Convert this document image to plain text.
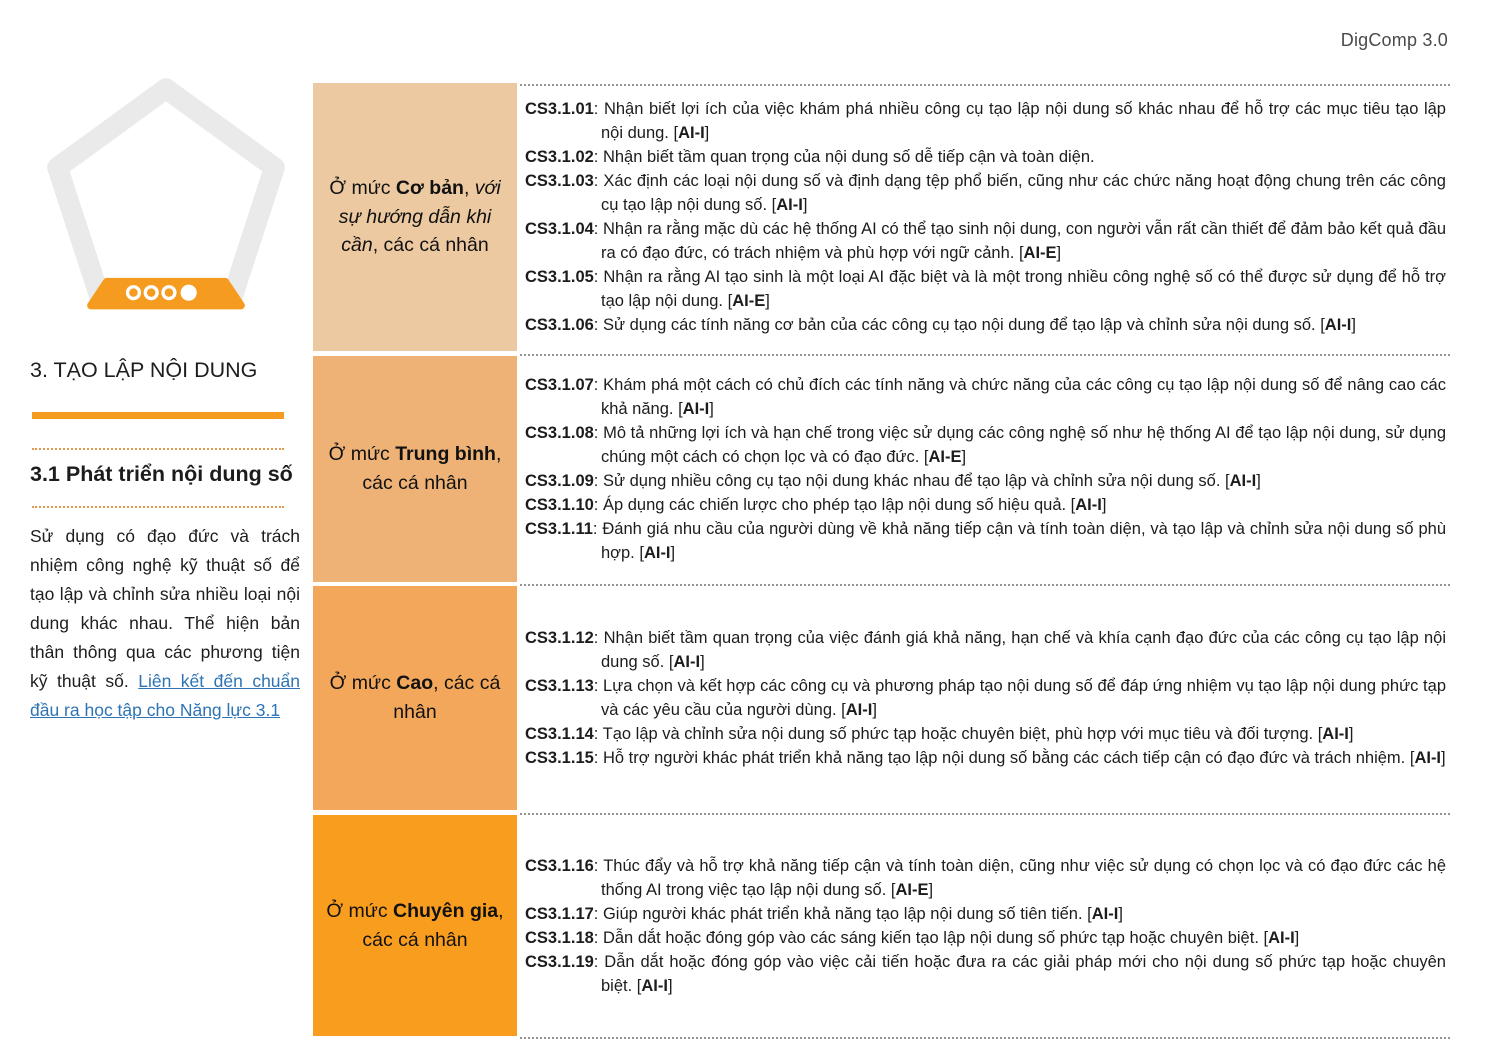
DigComp 3.0
3. TẠO LẬP NỘI DUNG
3.1 Phát triển nội dung số
Sử dụng có đạo đức và trách nhiệm công nghệ kỹ thuật số để tạo lập và chỉnh sửa nhiều loại nội dung khác nhau. Thể hiện bản thân thông qua các phương tiện kỹ thuật số. Liên kết đến chuẩn đầu ra học tập cho Năng lực 3.1
Ở mức Cơ bản, với sự hướng dẫn khi cần, các cá nhân
CS3.1.01: Nhận biết lợi ích của việc khám phá nhiều công cụ tạo lập nội dung số khác nhau để hỗ trợ các mục tiêu tạo lập nội dung. [AI-I]
CS3.1.02: Nhận biết tầm quan trọng của nội dung số dễ tiếp cận và toàn diện.
CS3.1.03: Xác định các loại nội dung số và định dạng tệp phổ biến, cũng như các chức năng hoạt động chung trên các công cụ tạo lập nội dung số. [AI-I]
CS3.1.04: Nhận ra rằng mặc dù các hệ thống AI có thể tạo sinh nội dung, con người vẫn rất cần thiết để đảm bảo kết quả đầu ra có đạo đức, có trách nhiệm và phù hợp với ngữ cảnh. [AI-E]
CS3.1.05: Nhận ra rằng AI tạo sinh là một loại AI đặc biệt và là một trong nhiều công nghệ số có thể được sử dụng để hỗ trợ tạo lập nội dung. [AI-E]
CS3.1.06: Sử dụng các tính năng cơ bản của các công cụ tạo nội dung để tạo lập và chỉnh sửa nội dung số. [AI-I]
Ở mức Trung bình, các cá nhân
CS3.1.07: Khám phá một cách có chủ đích các tính năng và chức năng của các công cụ tạo lập nội dung số để nâng cao các khả năng. [AI-I]
CS3.1.08: Mô tả những lợi ích và hạn chế trong việc sử dụng các công nghệ số như hệ thống AI để tạo lập nội dung, sử dụng chúng một cách có chọn lọc và có đạo đức. [AI-E]
CS3.1.09: Sử dụng nhiều công cụ tạo nội dung khác nhau để tạo lập và chỉnh sửa nội dung số. [AI-I]
CS3.1.10: Áp dụng các chiến lược cho phép tạo lập nội dung số hiệu quả. [AI-I]
CS3.1.11: Đánh giá nhu cầu của người dùng về khả năng tiếp cận và tính toàn diện, và tạo lập và chỉnh sửa nội dung số phù hợp. [AI-I]
Ở mức Cao, các cá nhân
CS3.1.12: Nhận biết tầm quan trọng của việc đánh giá khả năng, hạn chế và khía cạnh đạo đức của các công cụ tạo lập nội dung số. [AI-I]
CS3.1.13: Lựa chọn và kết hợp các công cụ và phương pháp tạo nội dung số để đáp ứng nhiệm vụ tạo lập nội dung phức tạp và các yêu cầu của người dùng. [AI-I]
CS3.1.14: Tạo lập và chỉnh sửa nội dung số phức tạp hoặc chuyên biệt, phù hợp với mục tiêu và đối tượng. [AI-I]
CS3.1.15: Hỗ trợ người khác phát triển khả năng tạo lập nội dung số bằng các cách tiếp cận có đạo đức và trách nhiệm. [AI-I]
Ở mức Chuyên gia, các cá nhân
CS3.1.16: Thúc đẩy và hỗ trợ khả năng tiếp cận và tính toàn diện, cũng như việc sử dụng có chọn lọc và có đạo đức các hệ thống AI trong việc tạo lập nội dung số. [AI-E]
CS3.1.17: Giúp người khác phát triển khả năng tạo lập nội dung số tiên tiến. [AI-I]
CS3.1.18: Dẫn dắt hoặc đóng góp vào các sáng kiến tạo lập nội dung số phức tạp hoặc chuyên biệt. [AI-I]
CS3.1.19: Dẫn dắt hoặc đóng góp vào việc cải tiến hoặc đưa ra các giải pháp mới cho nội dung số phức tạp hoặc chuyên biệt. [AI-I]
